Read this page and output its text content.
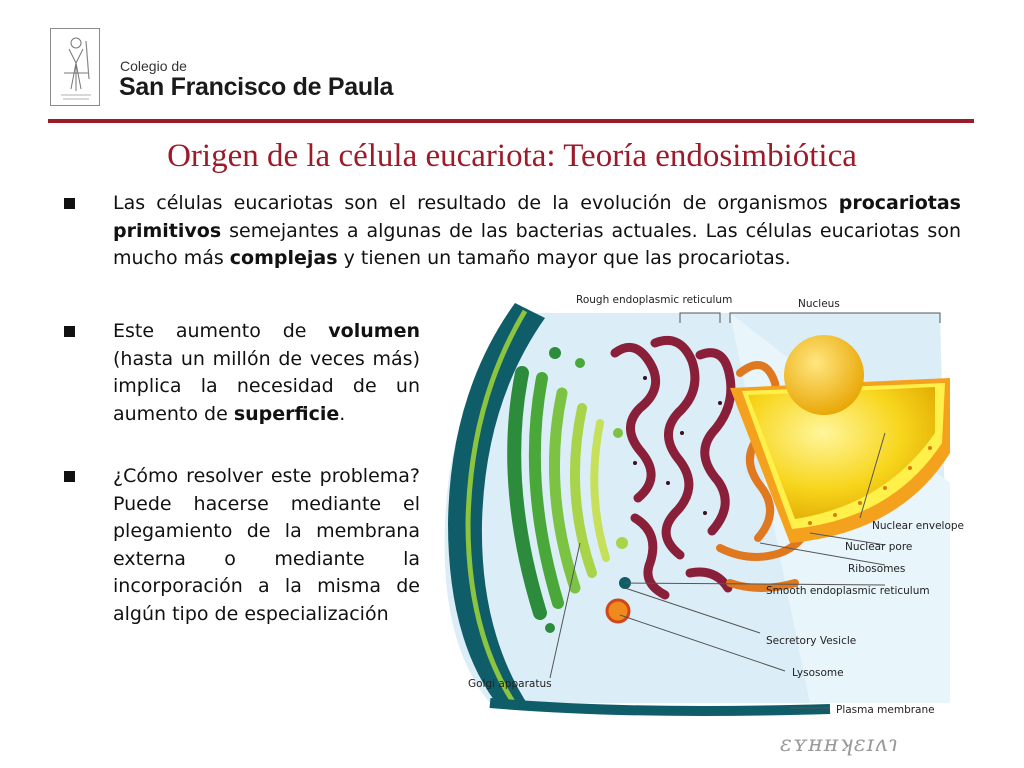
Colegio de
San Francisco de Paula
Origen de la célula eucariota: Teoría endosimbiótica

Las células eucariotas son el resultado de la evolución de organismos procariotas primitivos semejantes a algunas de las bacterias actuales. Las células eucariotas son mucho más complejas y tienen un tamaño mayor que las procariotas.

Este aumento de volumen (hasta un millón de veces más) implica la necesidad de un aumento de superficie.

¿Cómo resolver este problema? Puede hacerse mediante el plegamiento de la membrana externa o mediante la incorporación a la misma de algún tipo de especialización

Rough endoplasmic reticulum	Nucleus
Nuclear envelope
Nuclear pore
Ribosomes
Smooth endoplasmic reticulum
Secretory Vesicle
Lysosome
Golgi apparatus
Plasma membrane
ɛʏʜʜʞɛɪʌɿ
